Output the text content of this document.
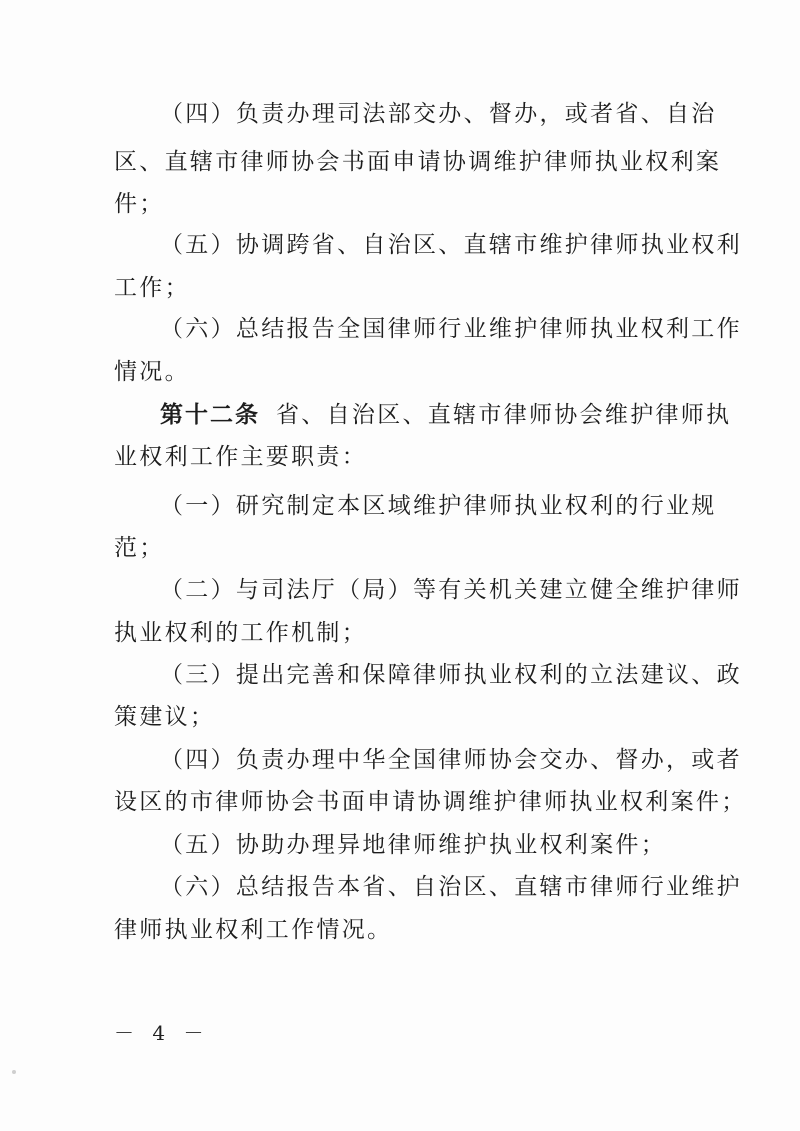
（四）负责办理司法部交办、督办，或者省、自治
区、直辖市律师协会书面申请协调维护律师执业权利案
件；
（五）协调跨省、自治区、直辖市维护律师执业权利
工作；
（六）总结报告全国律师行业维护律师执业权利工作
情况。
第十二条 省、自治区、直辖市律师协会维护律师执
业权利工作主要职责：
（一）研究制定本区域维护律师执业权利的行业规
范；
（二）与司法厅（局）等有关机关建立健全维护律师
执业权利的工作机制；
（三）提出完善和保障律师执业权利的立法建议、政
策建议；
（四）负责办理中华全国律师协会交办、督办，或者
设区的市律师协会书面申请协调维护律师执业权利案件；
（五）协助办理异地律师维护执业权利案件；
（六）总结报告本省、自治区、直辖市律师行业维护
律师执业权利工作情况。
－ 4 －
